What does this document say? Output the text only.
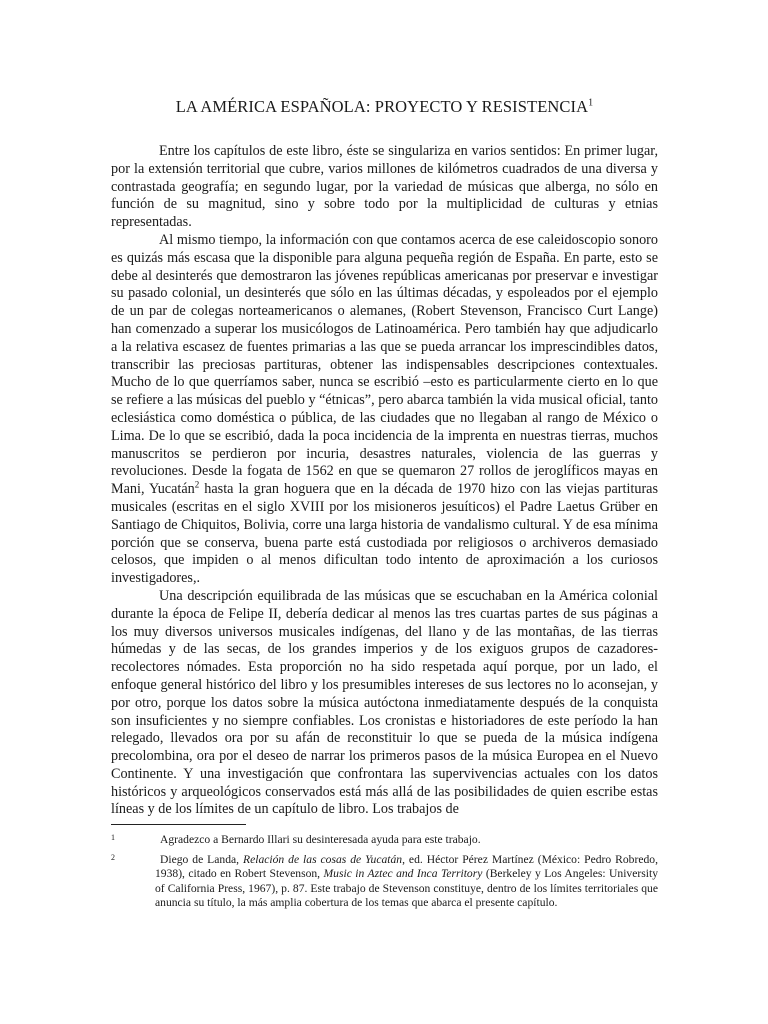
LA AMÉRICA ESPAÑOLA: PROYECTO Y RESISTENCIA$^1$

Entre los capítulos de este libro, éste se singulariza en varios sentidos: En primer lugar, por la extensión territorial que cubre, varios millones de kilómetros cuadrados de una diversa y contrastada geografía; en segundo lugar, por la variedad de músicas que alberga, no sólo en función de su magnitud, sino y sobre todo por la multiplicidad de culturas y etnias representadas.

Al mismo tiempo, la información con que contamos acerca de ese caleidoscopio sonoro es quizás más escasa que la disponible para alguna pequeña región de España. En parte, esto se debe al desinterés que demostraron las jóvenes repúblicas americanas por preservar e investigar su pasado colonial, un desinterés que sólo en las últimas décadas, y espoleados por el ejemplo de un par de colegas norteamericanos o alemanes, (Robert Stevenson, Francisco Curt Lange) han comenzado a superar los musicólogos de Latinoamérica. Pero también hay que adjudicarlo a la relativa escasez de fuentes primarias a las que se pueda arrancar los imprescindibles datos, transcribir las preciosas partituras, obtener las indispensables descripciones contextuales. Mucho de lo que querríamos saber, nunca se escribió –esto es particularmente cierto en lo que se refiere a las músicas del pueblo y “étnicas”, pero abarca también la vida musical oficial, tanto eclesiástica como doméstica o pública, de las ciudades que no llegaban al rango de México o Lima. De lo que se escribió, dada la poca incidencia de la imprenta en nuestras tierras, muchos manuscritos se perdieron por incuria, desastres naturales, violencia de las guerras y revoluciones. Desde la fogata de 1562 en que se quemaron 27 rollos de jeroglíficos mayas en Mani, Yucatán$^2$ hasta la gran hoguera que en la década de 1970 hizo con las viejas partituras musicales (escritas en el siglo XVIII por los misioneros jesuíticos) el Padre Laetus Grüber en Santiago de Chiquitos, Bolivia, corre una larga historia de vandalismo cultural. Y de esa mínima porción que se conserva, buena parte está custodiada por religiosos o archiveros demasiado celosos, que impiden o al menos dificultan todo intento de aproximación a los curiosos investigadores,.

Una descripción equilibrada de las músicas que se escuchaban en la América colonial durante la época de Felipe II, debería dedicar al menos las tres cuartas partes de sus páginas a los muy diversos universos musicales indígenas, del llano y de las montañas, de las tierras húmedas y de las secas, de los grandes imperios y de los exiguos grupos de cazadores-recolectores nómades. Esta proporción no ha sido respetada aquí porque, por un lado, el enfoque general histórico del libro y los presumibles intereses de sus lectores no lo aconsejan, y por otro, porque los datos sobre la música autóctona inmediatamente después de la conquista son insuficientes y no siempre confiables. Los cronistas e historiadores de este período la han relegado, llevados ora por su afán de reconstituir lo que se pueda de la música indígena precolombina, ora por el deseo de narrar los primeros pasos de la música Europea en el Nuevo Continente. Y una investigación que confrontara las supervivencias actuales con los datos históricos y arqueológicos conservados está más allá de las posibilidades de quien escribe estas líneas y de los límites de un capítulo de libro. Los trabajos de

1	Agradezco a Bernardo Illari su desinteresada ayuda para este trabajo.
2	Diego de Landa, Relación de las cosas de Yucatán, ed. Héctor Pérez Martínez (México: Pedro Robredo, 1938), citado en Robert Stevenson, Music in Aztec and Inca Territory (Berkeley y Los Angeles: University of California Press, 1967), p. 87. Este trabajo de Stevenson constituye, dentro de los límites territoriales que anuncia su título, la más amplia cobertura de los temas que abarca el presente capítulo.
